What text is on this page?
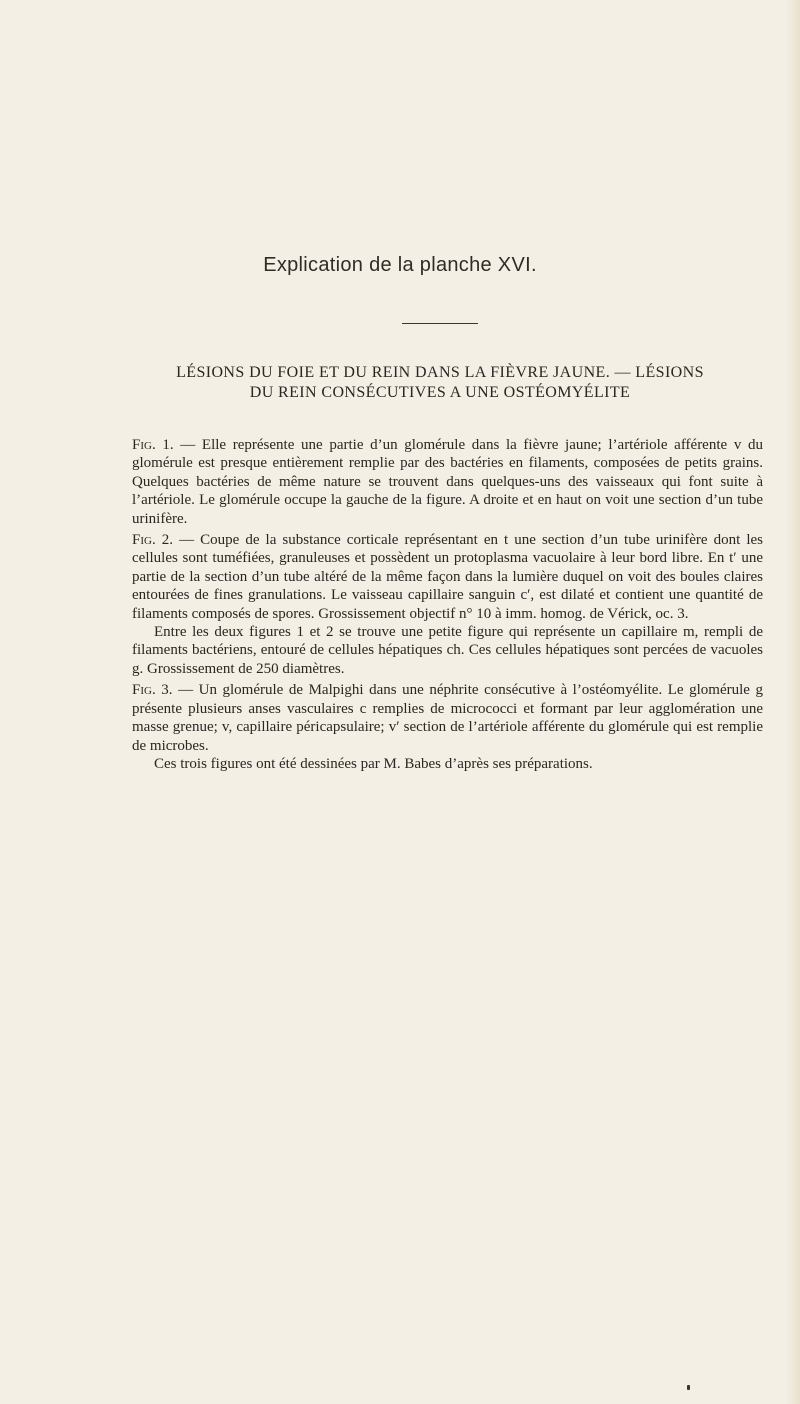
Explication de la planche XVI.
LÉSIONS DU FOIE ET DU REIN DANS LA FIÈVRE JAUNE. — LÉSIONS
DU REIN CONSÉCUTIVES A UNE OSTÉOMYÉLITE

Fig. 1. — Elle représente une partie d’un glomérule dans la fièvre jaune; l’artériole afférente v du glomérule est presque entièrement remplie par des bactéries en filaments, composées de petits grains. Quelques bactéries de même nature se trouvent dans quelques-uns des vaisseaux qui font suite à l’artériole. Le glomérule occupe la gauche de la figure. A droite et en haut on voit une section d’un tube urinifère.

Fig. 2. — Coupe de la substance corticale représentant en t une section d’un tube urinifère dont les cellules sont tuméfiées, granuleuses et possèdent un protoplasma vacuolaire à leur bord libre. En t′ une partie de la section d’un tube altéré de la même façon dans la lumière duquel on voit des boules claires entourées de fines granulations. Le vaisseau capillaire sanguin c′, est dilaté et contient une quantité de filaments composés de spores. Grossissement objectif n° 10 à imm. homog. de Vérick, oc. 3.

Entre les deux figures 1 et 2 se trouve une petite figure qui représente un capillaire m, rempli de filaments bactériens, entouré de cellules hépatiques ch. Ces cellules hépatiques sont percées de vacuoles g. Grossissement de 250 diamètres.

Fig. 3. — Un glomérule de Malpighi dans une néphrite consécutive à l’ostéomyélite. Le glomérule g présente plusieurs anses vasculaires c remplies de micrococci et formant par leur agglomération une masse grenue; v, capillaire péricapsulaire; v′ section de l’artériole afférente du glomérule qui est remplie de microbes.

Ces trois figures ont été dessinées par M. Babes d’après ses préparations.
